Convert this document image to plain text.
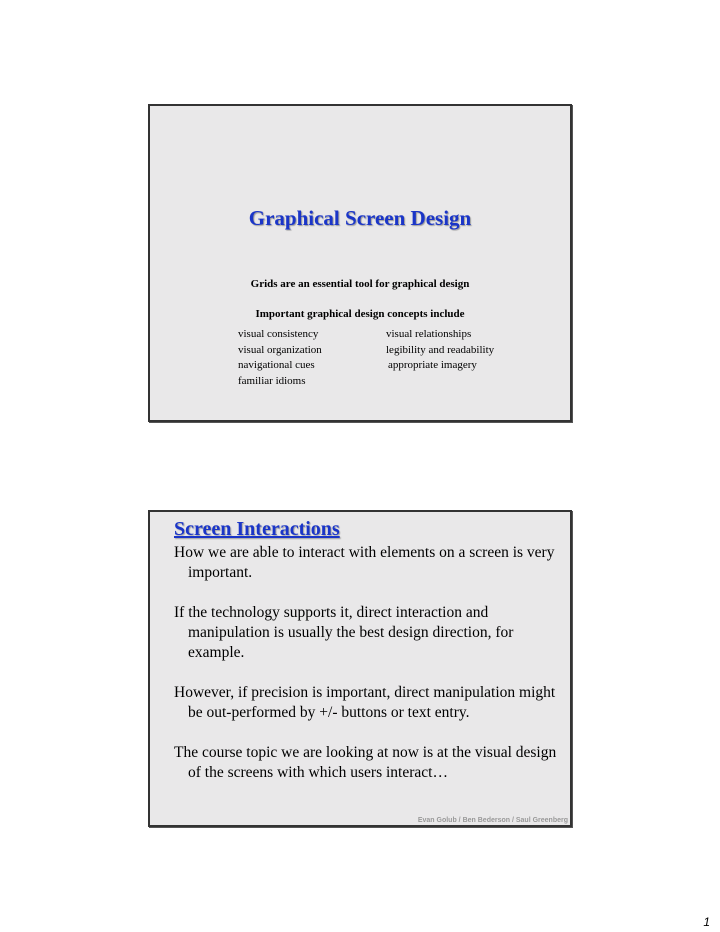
Graphical Screen Design
Grids are an essential tool for graphical design
Important graphical design concepts include
visual consistency
visual organization
navigational cues
familiar idioms
visual relationships
legibility and readability
appropriate imagery
Screen Interactions

How we are able to interact with elements on a screen is very important.

If the technology supports it, direct interaction and manipulation is usually the best design direction, for example.

However, if precision is important, direct manipulation might be out-performed by +/- buttons or text entry.

The course topic we are looking at now is at the visual design of the screens with which users interact…

Evan Golub / Ben Bederson / Saul Greenberg
1
